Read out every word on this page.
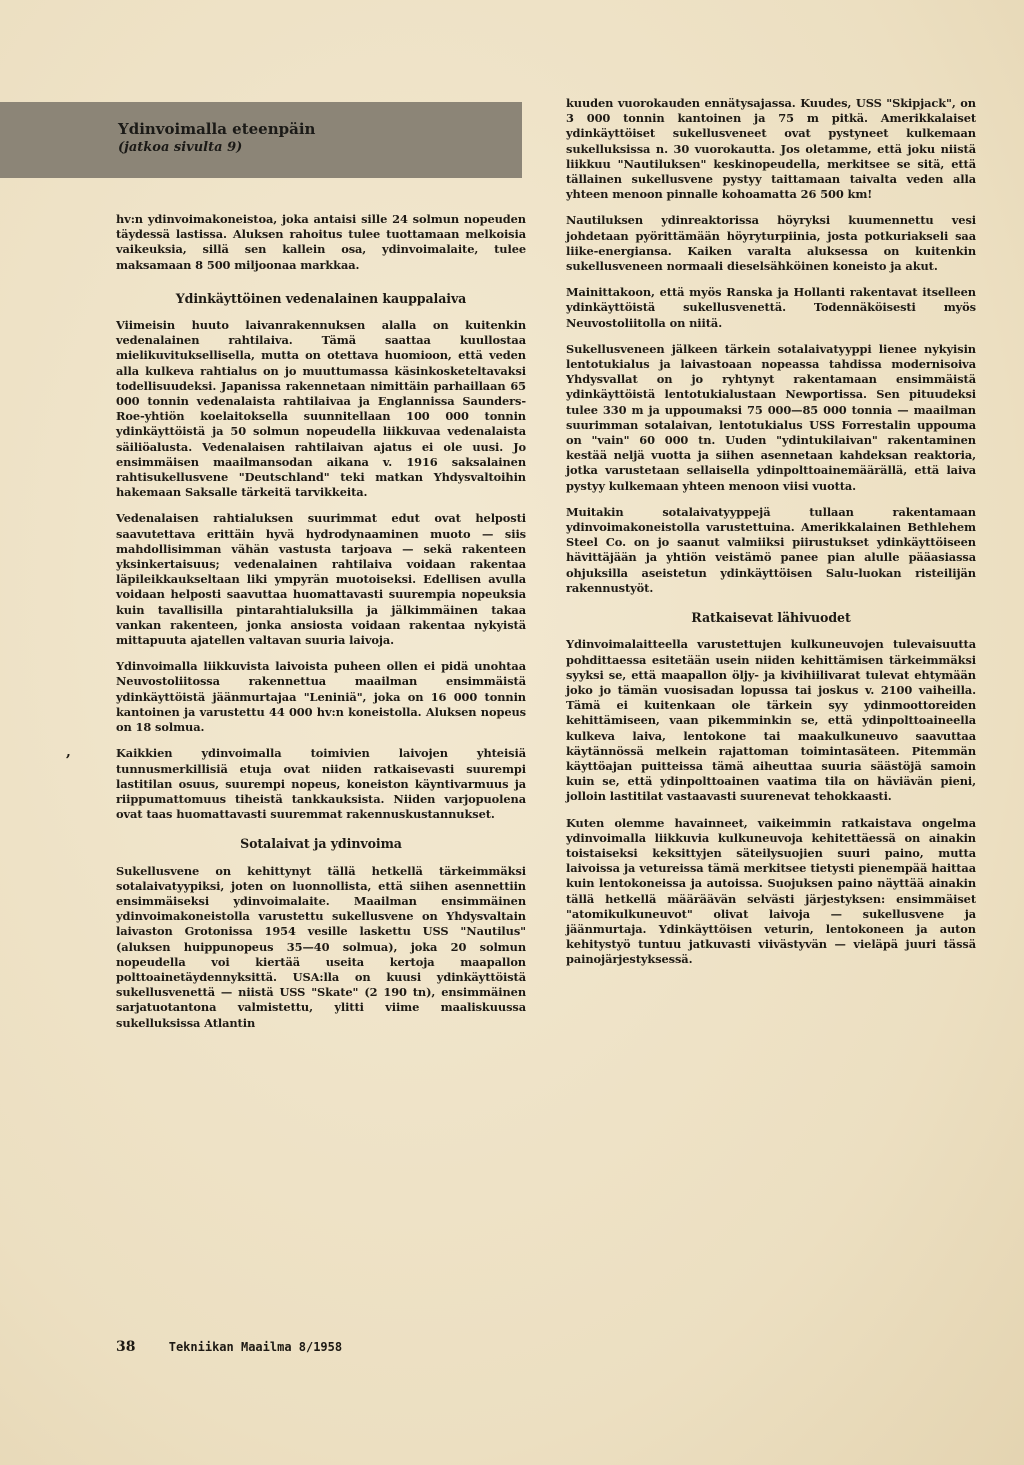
Ydinvoimalla eteenpäin
(jatkoa sivulta 9)
,

hv:n ydinvoimakoneistoa, joka antaisi sille 24 solmun nopeuden täydessä lastissa. Aluksen rahoitus tulee tuottamaan melkoisia vaikeuksia, sillä sen kallein osa, ydinvoimalaite, tulee maksamaan 8 500 miljoonaa markkaa.

Ydinkäyttöinen vedenalainen kauppalaiva

Viimeisin huuto laivanrakennuksen alalla on kuitenkin vedenalainen rahtilaiva. Tämä saattaa kuullostaa mielikuvituksellisella, mutta on otettava huomioon, että veden alla kulkeva rahtialus on jo muuttumassa käsinkosketeltavaksi todellisuudeksi. Japanissa rakennetaan nimittäin parhaillaan 65 000 tonnin vedenalaista rahtilaivaa ja Englannissa Saunders-Roe-yhtiön koelaitoksella suunnitellaan 100 000 tonnin ydinkäyttöistä ja 50 solmun nopeudella liikkuvaa vedenalaista säiliöalusta. Vedenalaisen rahtilaivan ajatus ei ole uusi. Jo ensimmäisen maailmansodan aikana v. 1916 saksalainen rahtisukellusvene "Deutschland" teki matkan Yhdysvaltoihin hakemaan Saksalle tärkeitä tarvikkeita.

Vedenalaisen rahtialuksen suurimmat edut ovat helposti saavutettava erittäin hyvä hydrodynaaminen muoto — siis mahdollisimman vähän vastusta tarjoava — sekä rakenteen yksinkertaisuus; vedenalainen rahtilaiva voidaan rakentaa läpileikkaukseltaan liki ympyrän muotoiseksi. Edellisen avulla voidaan helposti saavuttaa huomattavasti suurempia nopeuksia kuin tavallisilla pintarahtialuksilla ja jälkimmäinen takaa vankan rakenteen, jonka ansiosta voidaan rakentaa nykyistä mittapuuta ajatellen valtavan suuria laivoja.

Ydinvoimalla liikkuvista laivoista puheen ollen ei pidä unohtaa Neuvostoliitossa rakennettua maailman ensimmäistä ydinkäyttöistä jäänmurtajaa "Leniniä", joka on 16 000 tonnin kantoinen ja varustettu 44 000 hv:n koneistolla. Aluksen nopeus on 18 solmua.

Kaikkien ydinvoimalla toimivien laivojen yhteisiä tunnusmerkillisiä etuja ovat niiden ratkaisevasti suurempi lastitilan osuus, suurempi nopeus, koneiston käyntivarmuus ja riippumattomuus tiheistä tankkauksista. Niiden varjopuolena ovat taas huomattavasti suuremmat rakennuskustannukset.

Sotalaivat ja ydinvoima

Sukellusvene on kehittynyt tällä hetkellä tärkeimmäksi sotalaivatyypiksi, joten on luonnollista, että siihen asennettiin ensimmäiseksi ydinvoimalaite. Maailman ensimmäinen ydinvoimakoneistolla varustettu sukellusvene on Yhdysvaltain laivaston Grotonissa 1954 vesille laskettu USS "Nautilus" (aluksen huippunopeus 35—40 solmua), joka 20 solmun nopeudella voi kiertää useita kertoja maapallon polttoainetäydennyksittä. USA:lla on kuusi ydinkäyttöistä sukellusvenettä — niistä USS "Skate" (2 190 tn), ensimmäinen sarjatuotantona valmistettu, ylitti viime maaliskuussa sukelluksissa Atlantin

kuuden vuorokauden ennätysajassa. Kuudes, USS "Skipjack", on 3 000 tonnin kantoinen ja 75 m pitkä. Amerikkalaiset ydinkäyttöiset sukellusveneet ovat pystyneet kulkemaan sukelluksissa n. 30 vuorokautta. Jos oletamme, että joku niistä liikkuu "Nautiluksen" keskinopeudella, merkitsee se sitä, että tällainen sukellusvene pystyy taittamaan taivalta veden alla yhteen menoon pinnalle kohoamatta 26 500 km!

Nautiluksen ydinreaktorissa höyryksi kuumennettu vesi johdetaan pyörittämään höyryturpiinia, josta potkuriakseli saa liike-energiansa. Kaiken varalta aluksessa on kuitenkin sukellusveneen normaali dieselsähköinen koneisto ja akut.

Mainittakoon, että myös Ranska ja Hollanti rakentavat itselleen ydinkäyttöistä sukellusvenettä. Todennäköisesti myös Neuvostoliitolla on niitä.

Sukellusveneen jälkeen tärkein sotalaivatyyppi lienee nykyisin lentotukialus ja laivastoaan nopeassa tahdissa modernisoiva Yhdysvallat on jo ryhtynyt rakentamaan ensimmäistä ydinkäyttöistä lentotukialustaan Newportissa. Sen pituudeksi tulee 330 m ja uppoumaksi 75 000—85 000 tonnia — maailman suurimman sotalaivan, lentotukialus USS Forrestalin uppouma on "vain" 60 000 tn. Uuden "ydintukilaivan" rakentaminen kestää neljä vuotta ja siihen asennetaan kahdeksan reaktoria, jotka varustetaan sellaisella ydinpolttoainemäärällä, että laiva pystyy kulkemaan yhteen menoon viisi vuotta.

Muitakin sotalaivatyyppejä tullaan rakentamaan ydinvoimakoneistolla varustettuina. Amerikkalainen Bethlehem Steel Co. on jo saanut valmiiksi piirustukset ydinkäyttöiseen hävittäjään ja yhtiön veistämö panee pian alulle pääasiassa ohjuksilla aseistetun ydinkäyttöisen Salu-luokan risteilijän rakennustyöt.

Ratkaisevat lähivuodet

Ydinvoimalaitteella varustettujen kulkuneuvojen tulevaisuutta pohdittaessa esitetään usein niiden kehittämisen tärkeimmäksi syyksi se, että maapallon öljy- ja kivihiilivarat tulevat ehtymään joko jo tämän vuosisadan lopussa tai joskus v. 2100 vaiheilla. Tämä ei kuitenkaan ole tärkein syy ydinmoottoreiden kehittämiseen, vaan pikemminkin se, että ydinpolttoaineella kulkeva laiva, lentokone tai maakulkuneuvo saavuttaa käytännössä melkein rajattoman toimintasäteen. Pitemmän käyttöajan puitteissa tämä aiheuttaa suuria säästöjä samoin kuin se, että ydinpolttoainen vaatima tila on häviävän pieni, jolloin lastitilat vastaavasti suurenevat tehokkaasti.

Kuten olemme havainneet, vaikeimmin ratkaistava ongelma ydinvoimalla liikkuvia kulkuneuvoja kehitettäessä on ainakin toistaiseksi keksittyjen säteilysuojien suuri paino, mutta laivoissa ja vetureissa tämä merkitsee tietysti pienempää haittaa kuin lentokoneissa ja autoissa. Suojuksen paino näyttää ainakin tällä hetkellä määräävän selvästi järjestyksen: ensimmäiset "atomikulkuneuvot" olivat laivoja — sukellusvene ja jäänmurtaja. Ydinkäyttöisen veturin, lentokoneen ja auton kehitystyö tuntuu jatkuvasti viivästyvän — vieläpä juuri tässä painojärjestyksessä.

38	Tekniikan Maailma 8/1958
